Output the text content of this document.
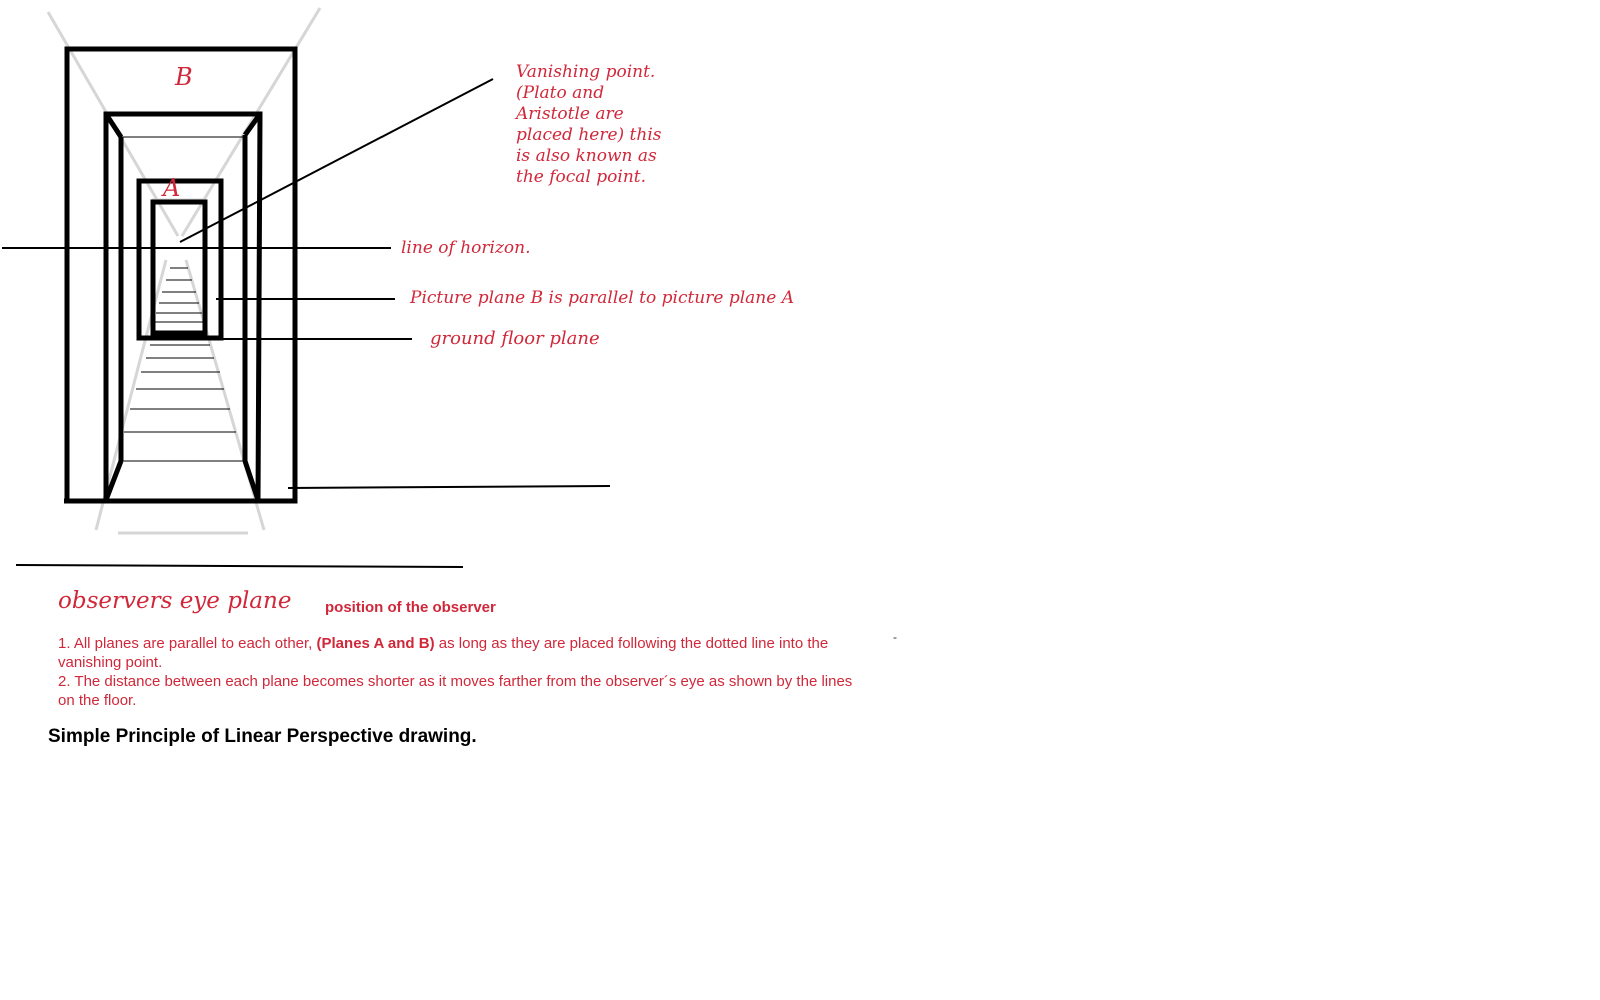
B
A
Vanishing point.
(Plato and
Aristotle are
placed here) this
is also known as
the focal point.
line of horizon.
Picture plane B is parallel to picture plane A
ground floor plane
observers eye plane position of the observer
1. All planes are parallel to each other, (Planes A and B) as long as they are placed following the dotted line into the vanishing point.
2. The distance between each plane becomes shorter as it moves farther from the observer´s eye as shown by the lines on the floor.
-
Simple Principle of Linear Perspective drawing.
